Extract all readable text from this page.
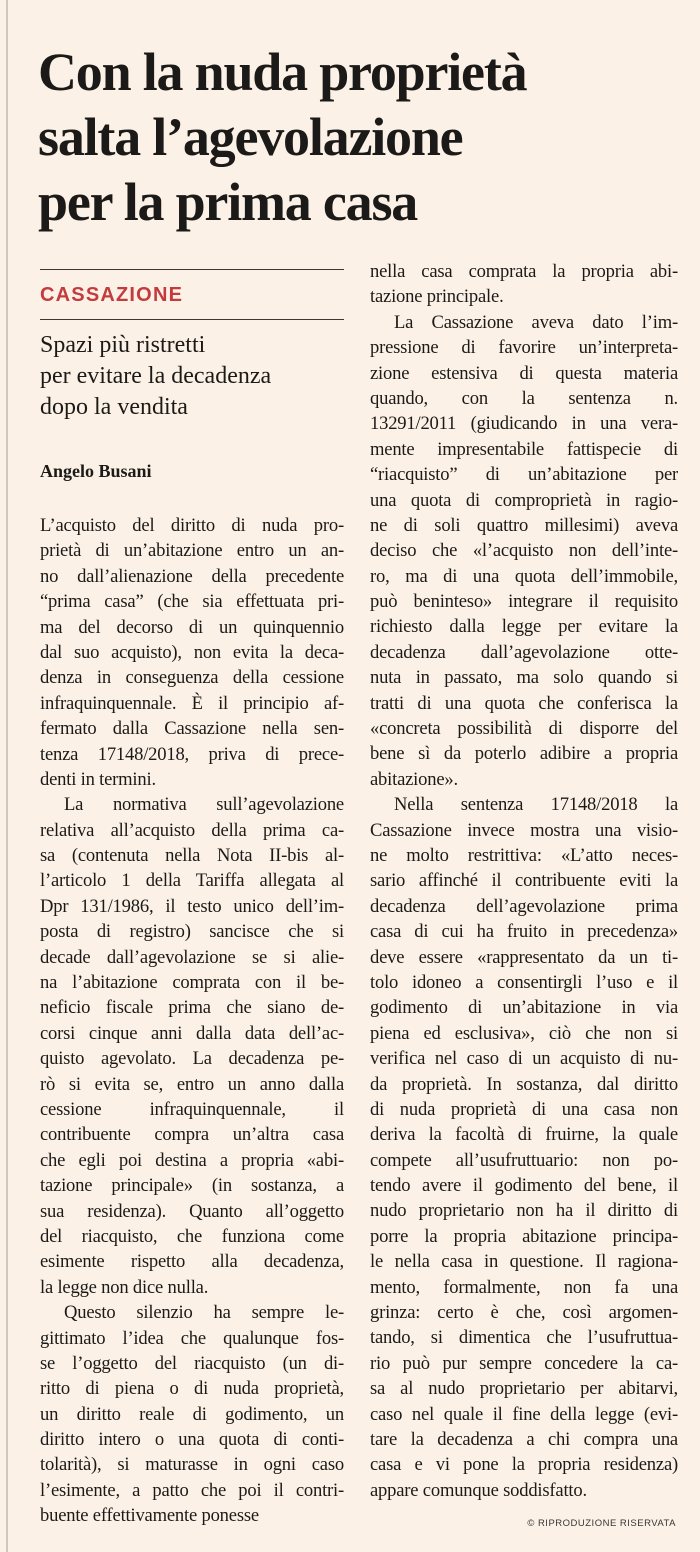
Con la nuda proprietà
salta l’agevolazione
per la prima casa
CASSAZIONE
Spazi più ristretti
per evitare la decadenza
dopo la vendita
Angelo Busani
L’acquisto del diritto di nuda pro-
prietà di un’abitazione entro un an-
no dall’alienazione della precedente
“prima casa” (che sia effettuata pri-
ma del decorso di un quinquennio
dal suo acquisto), non evita la deca-
denza in conseguenza della cessione
infraquinquennale. È il principio af-
fermato dalla Cassazione nella sen-
tenza 17148/2018, priva di prece-
denti in termini.
La normativa sull’agevolazione
relativa all’acquisto della prima ca-
sa (contenuta nella Nota II-bis al-
l’articolo 1 della Tariffa allegata al
Dpr 131/1986, il testo unico dell’im-
posta di registro) sancisce che si
decade dall’agevolazione se si alie-
na l’abitazione comprata con il be-
neficio fiscale prima che siano de-
corsi cinque anni dalla data dell’ac-
quisto agevolato. La decadenza pe-
rò si evita se, entro un anno dalla
cessione infraquinquennale, il
contribuente compra un’altra casa
che egli poi destina a propria «abi-
tazione principale» (in sostanza, a
sua residenza). Quanto all’oggetto
del riacquisto, che funziona come
esimente rispetto alla decadenza,
la legge non dice nulla.
Questo silenzio ha sempre le-
gittimato l’idea che qualunque fos-
se l’oggetto del riacquisto (un di-
ritto di piena o di nuda proprietà,
un diritto reale di godimento, un
diritto intero o una quota di conti-
tolarità), si maturasse in ogni caso
l’esimente, a patto che poi il contri-
buente effettivamente ponesse
nella casa comprata la propria abi-
tazione principale.
La Cassazione aveva dato l’im-
pressione di favorire un’interpreta-
zione estensiva di questa materia
quando, con la sentenza n.
13291/2011 (giudicando in una vera-
mente impresentabile fattispecie di
“riacquisto” di un’abitazione per
una quota di comproprietà in ragio-
ne di soli quattro millesimi) aveva
deciso che «l’acquisto non dell’inte-
ro, ma di una quota dell’immobile,
può beninteso» integrare il requisito
richiesto dalla legge per evitare la
decadenza dall’agevolazione otte-
nuta in passato, ma solo quando si
tratti di una quota che conferisca la
«concreta possibilità di disporre del
bene sì da poterlo adibire a propria
abitazione».
Nella sentenza 17148/2018 la
Cassazione invece mostra una visio-
ne molto restrittiva: «L’atto neces-
sario affinché il contribuente eviti la
decadenza dell’agevolazione prima
casa di cui ha fruito in precedenza»
deve essere «rappresentato da un ti-
tolo idoneo a consentirgli l’uso e il
godimento di un’abitazione in via
piena ed esclusiva», ciò che non si
verifica nel caso di un acquisto di nu-
da proprietà. In sostanza, dal diritto
di nuda proprietà di una casa non
deriva la facoltà di fruirne, la quale
compete all’usufruttuario: non po-
tendo avere il godimento del bene, il
nudo proprietario non ha il diritto di
porre la propria abitazione principa-
le nella casa in questione. Il ragiona-
mento, formalmente, non fa una
grinza: certo è che, così argomen-
tando, si dimentica che l’usufruttua-
rio può pur sempre concedere la ca-
sa al nudo proprietario per abitarvi,
caso nel quale il fine della legge (evi-
tare la decadenza a chi compra una
casa e vi pone la propria residenza)
appare comunque soddisfatto.
© RIPRODUZIONE RISERVATA
